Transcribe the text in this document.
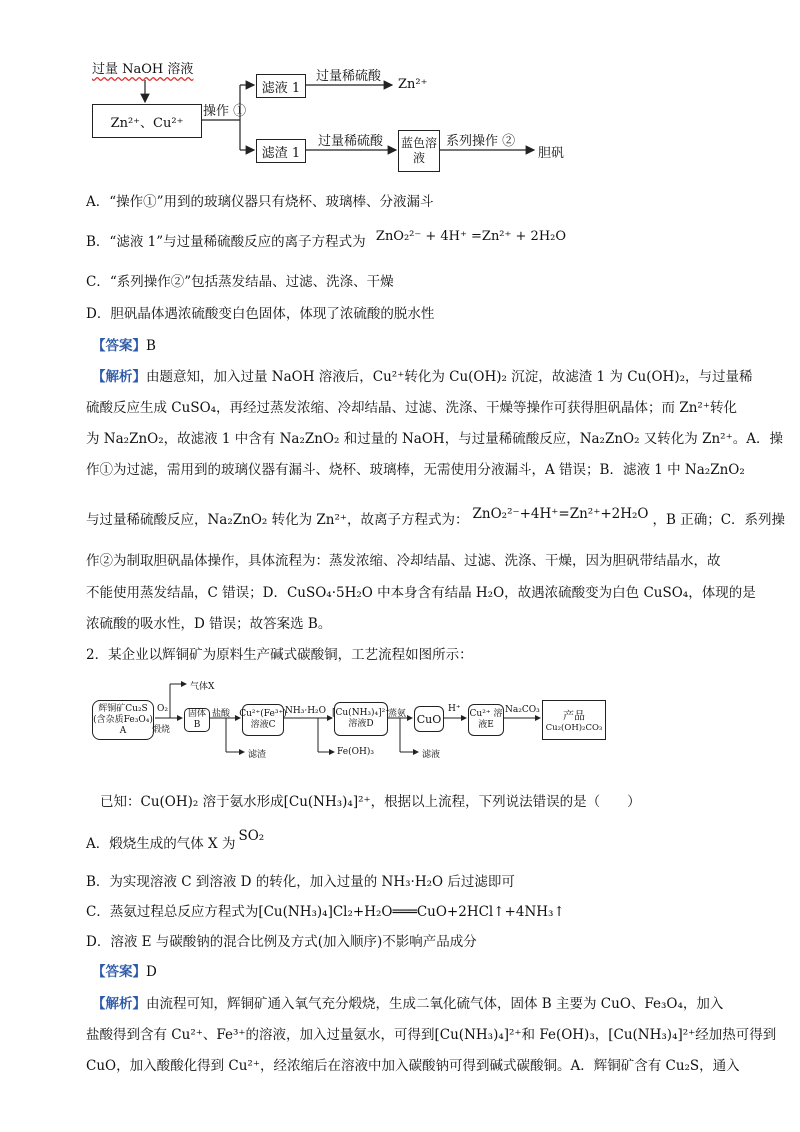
过量 NaOH 溶液
Zn²⁺、Cu²⁺
操作 ①
滤液 1
滤渣 1
过量稀硫酸
过量稀硫酸
Zn²⁺
蓝色溶液
系列操作 ②
胆矾
A．“操作①”用到的玻璃仪器只有烧杯、玻璃棒、分液漏斗
B．“滤液 1”与过量稀硫酸反应的离子方程式为 ZnO₂²⁻ + 4H⁺ =Zn²⁺ + 2H₂O
C．“系列操作②”包括蒸发结晶、过滤、洗涤、干燥
D．胆矾晶体遇浓硫酸变白色固体，体现了浓硫酸的脱水性
【答案】B
【解析】由题意知，加入过量 NaOH 溶液后，Cu²⁺转化为 Cu(OH)₂ 沉淀，故滤渣 1 为 Cu(OH)₂，与过量稀
硫酸反应生成 CuSO₄，再经过蒸发浓缩、冷却结晶、过滤、洗涤、干燥等操作可获得胆矾晶体；而 Zn²⁺转化
为 Na₂ZnO₂，故滤液 1 中含有 Na₂ZnO₂ 和过量的 NaOH，与过量稀硫酸反应，Na₂ZnO₂ 又转化为 Zn²⁺。A．操
作①为过滤，需用到的玻璃仪器有漏斗、烧杯、玻璃棒，无需使用分液漏斗，A 错误；B．滤液 1 中 Na₂ZnO₂
与过量稀硫酸反应，Na₂ZnO₂ 转化为 Zn²⁺，故离子方程式为： ZnO₂²⁻+4H⁺=Zn²⁺+2H₂O ，B 正确；C．系列操
作②为制取胆矾晶体操作，具体流程为：蒸发浓缩、冷却结晶、过滤、洗涤、干燥，因为胆矾带结晶水，故
不能使用蒸发结晶，C 错误；D．CuSO₄·5H₂O 中本身含有结晶 H₂O，故遇浓硫酸变为白色 CuSO₄，体现的是
浓硫酸的吸水性，D 错误；故答案选 B。
2．某企业以辉铜矿为原料生产碱式碳酸铜，工艺流程如图所示：
辉铜矿Cu₂S (含杂质Fe₃O₄) A
O₂
煅烧
气体X
固体B
盐酸 Cu²⁺(Fe³⁺) 溶液C
滤渣
NH₃·H₂O
Fe(OH)₃
[Cu(NH₃)₄]²⁺ 溶液D
蒸氨 CuO
滤液
H⁺ Cu²⁺ 溶液E
Na₂CO₃ 产品
Cu₂(OH)₂CO₃
已知：Cu(OH)₂ 溶于氨水形成[Cu(NH₃)₄]²⁺，根据以上流程，下列说法错误的是（　　）
A．煅烧生成的气体 X 为 SO₂
B．为实现溶液 C 到溶液 D 的转化，加入过量的 NH₃·H₂O 后过滤即可
C．蒸氨过程总反应方程式为[Cu(NH₃)₄]Cl₂+H₂O═══CuO+2HCl↑+4NH₃↑
D．溶液 E 与碳酸钠的混合比例及方式(加入顺序)不影响产品成分
【答案】D
【解析】由流程可知，辉铜矿通入氧气充分煅烧，生成二氧化硫气体，固体 B 主要为 CuO、Fe₃O₄，加入
盐酸得到含有 Cu²⁺、Fe³⁺的溶液，加入过量氨水，可得到[Cu(NH₃)₄]²⁺和 Fe(OH)₃，[Cu(NH₃)₄]²⁺经加热可得到
CuO，加入酸酸化得到 Cu²⁺，经浓缩后在溶液中加入碳酸钠可得到碱式碳酸铜。A．辉铜矿含有 Cu₂S，通入
